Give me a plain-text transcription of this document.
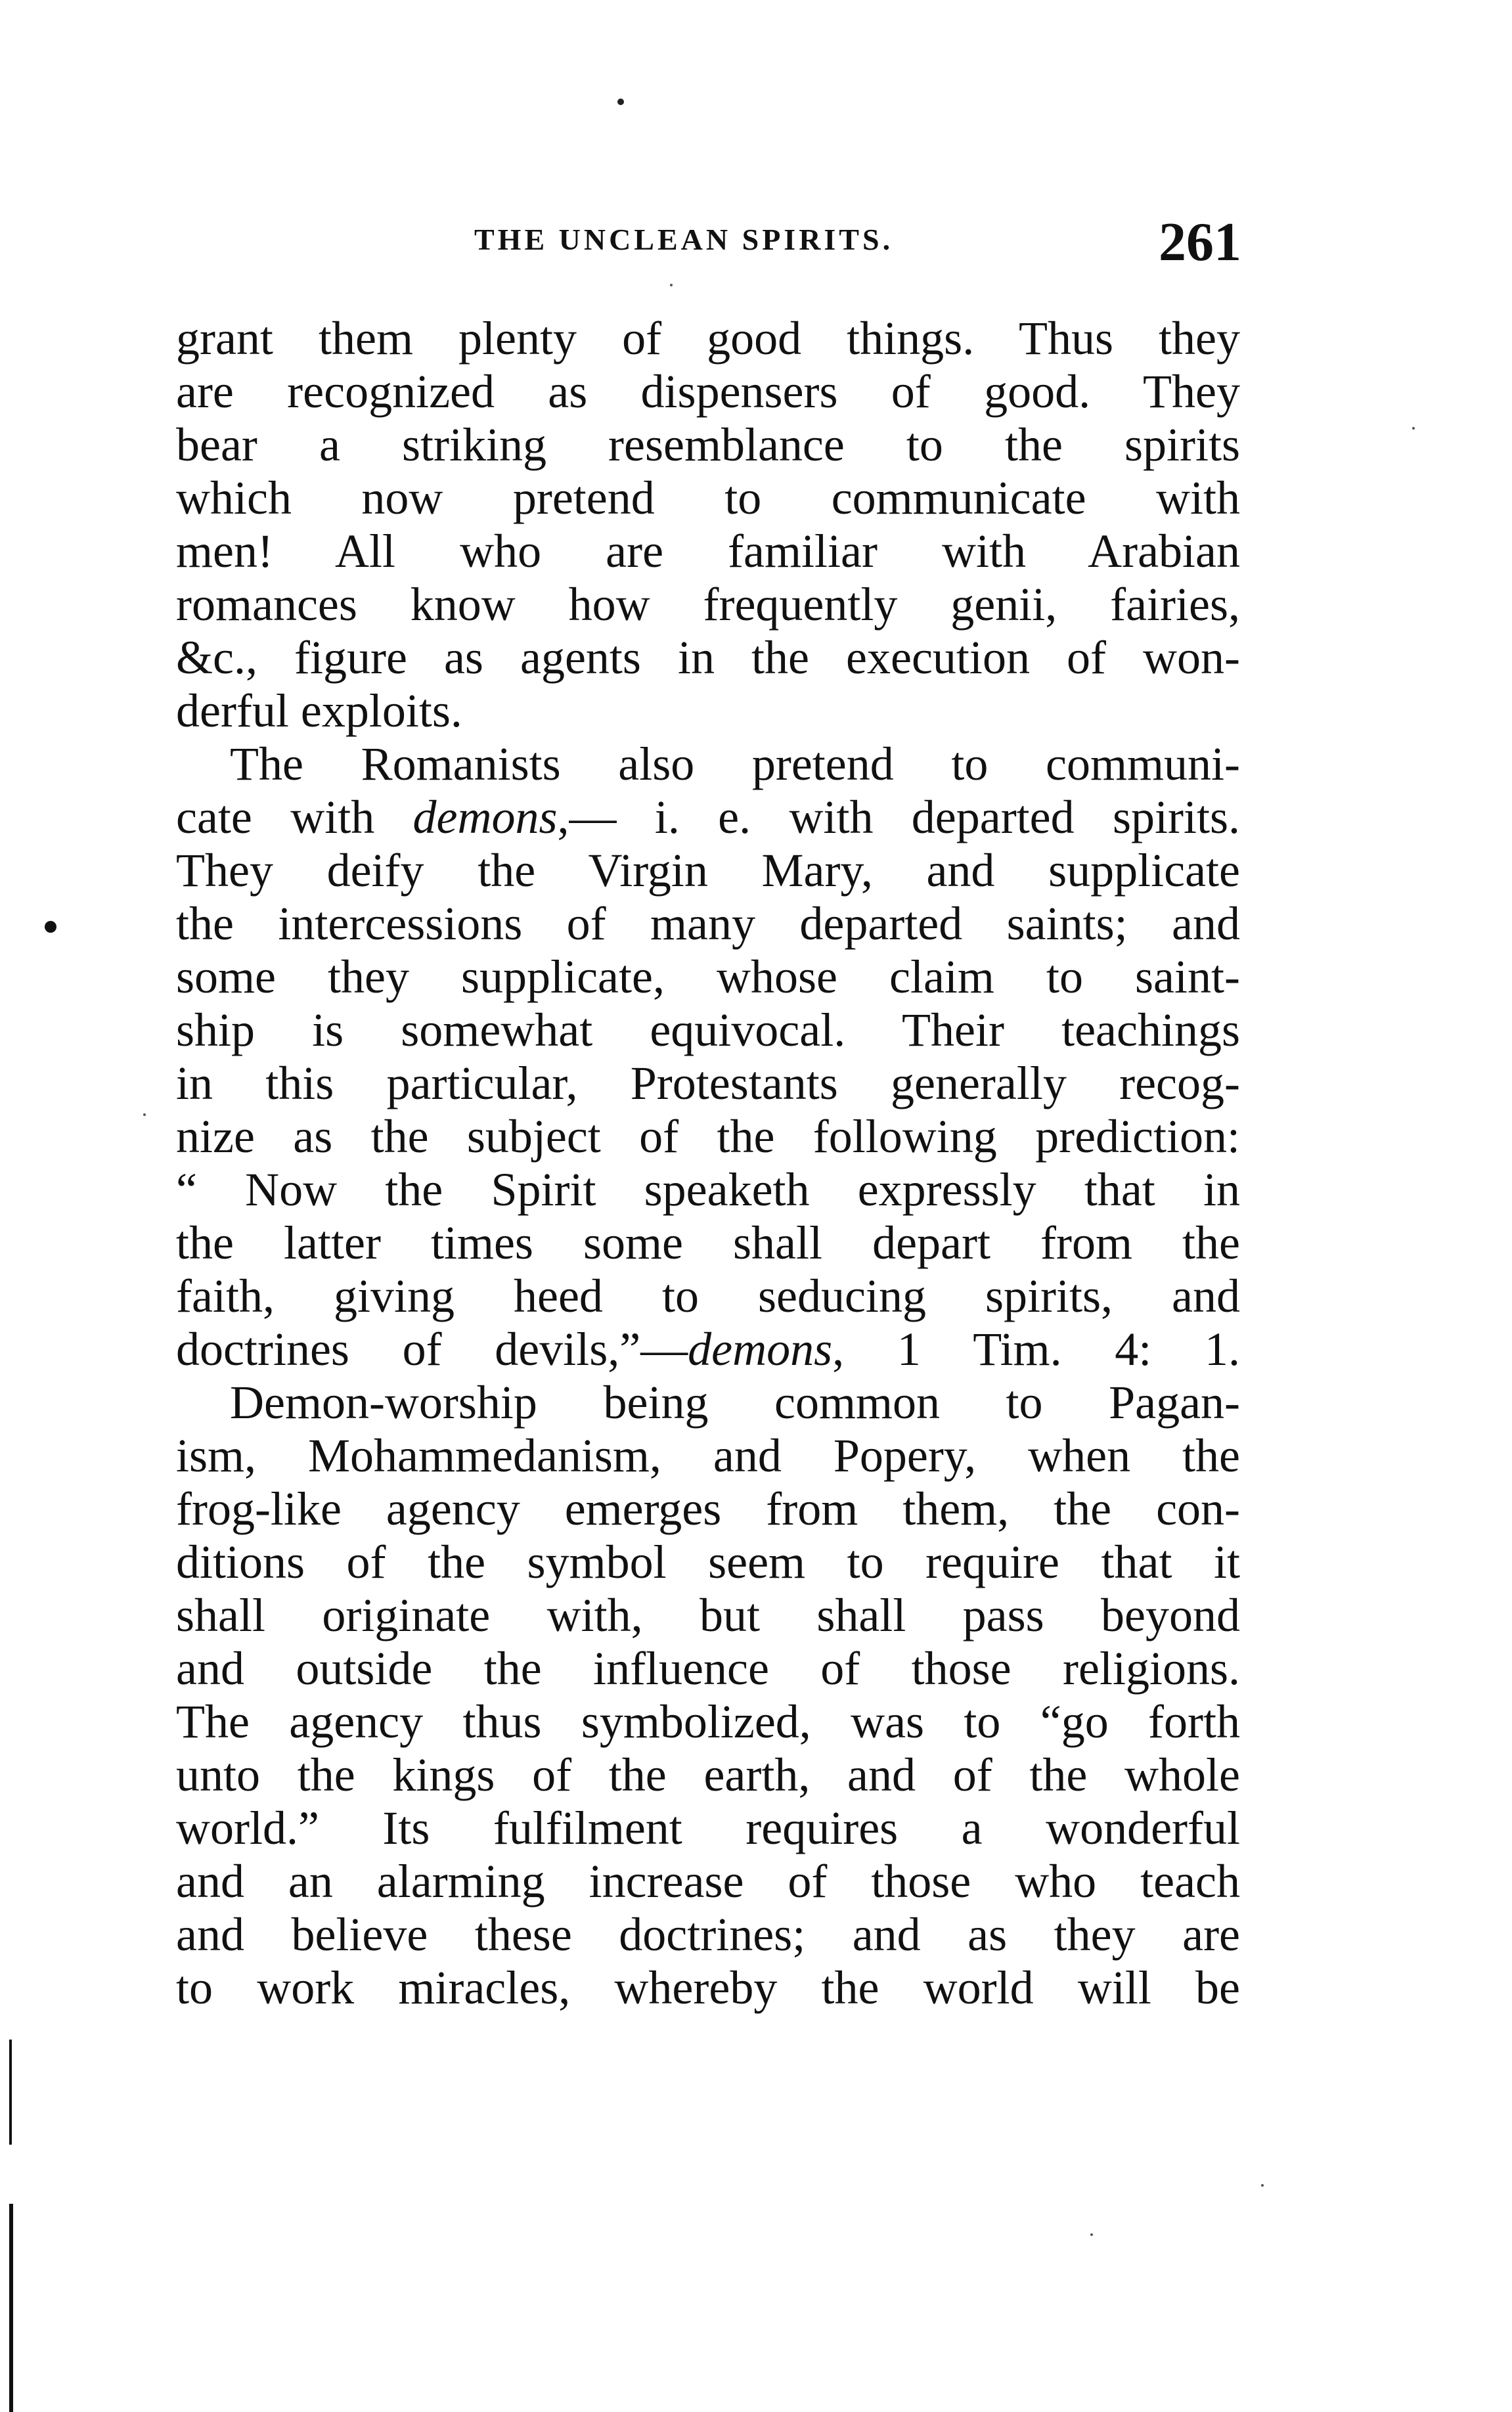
THE UNCLEAN SPIRITS.	261
grant them plenty of good things. Thus they
are recognized as dispensers of good. They
bear a striking resemblance to the spirits
which now pretend to communicate with
men! All who are familiar with Arabian
romances know how frequently genii, fairies,
&c., figure as agents in the execution of won-
derful exploits.
The Romanists also pretend to communi-
cate with demons,— i. e. with departed spirits.
They deify the Virgin Mary, and supplicate
the intercessions of many departed saints; and
some they supplicate, whose claim to saint-
ship is somewhat equivocal. Their teachings
in this particular, Protestants generally recog-
nize as the subject of the following prediction:
“ Now the Spirit speaketh expressly that in
the latter times some shall depart from the
faith, giving heed to seducing spirits, and
doctrines of devils,”—demons, 1 Tim. 4: 1.
Demon-worship being common to Pagan-
ism, Mohammedanism, and Popery, when the
frog-like agency emerges from them, the con-
ditions of the symbol seem to require that it
shall originate with, but shall pass beyond
and outside the influence of those religions.
The agency thus symbolized, was to “go forth
unto the kings of the earth, and of the whole
world.” Its fulfilment requires a wonderful
and an alarming increase of those who teach
and believe these doctrines; and as they are
to work miracles, whereby the world will be
